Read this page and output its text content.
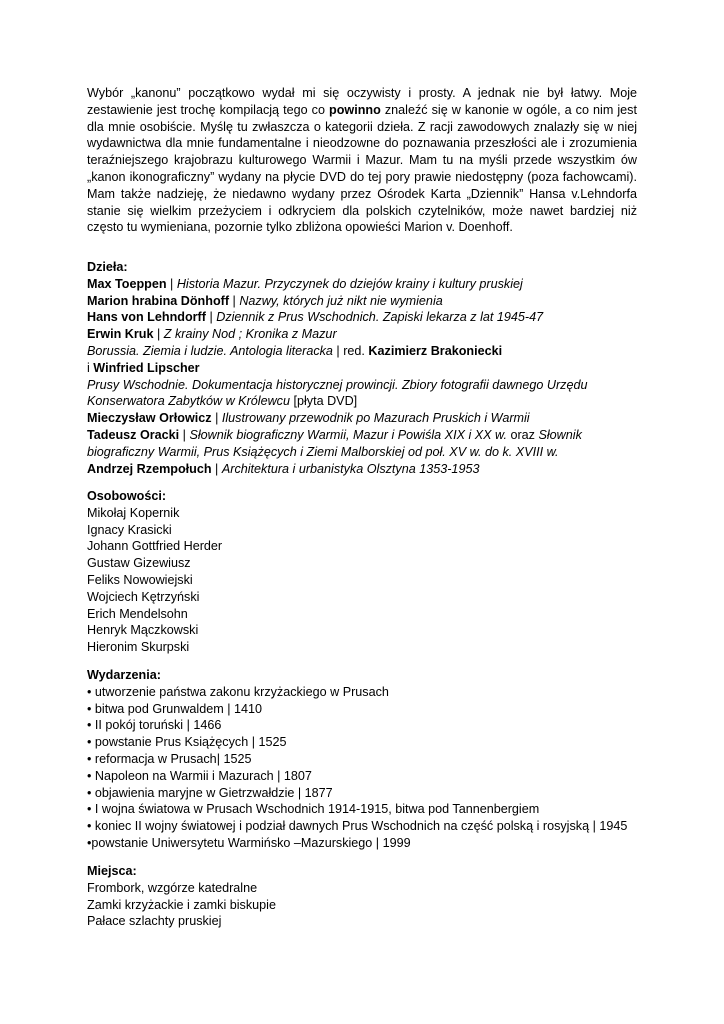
Wybór „kanonu” początkowo wydał mi się oczywisty i prosty. A jednak nie był łatwy. Moje zestawienie jest trochę kompilacją tego co powinno znaleźć się w kanonie w ogóle, a co nim jest dla mnie osobiście. Myślę tu zwłaszcza o kategorii dzieła. Z racji zawodowych znalazły się w niej wydawnictwa dla mnie fundamentalne i nieodzowne do poznawania przeszłości ale i zrozumienia teraźniejszego krajobrazu kulturowego Warmii i Mazur. Mam tu na myśli przede wszystkim ów „kanon ikonograficzny” wydany na płycie DVD do tej pory prawie niedostępny (poza fachowcami). Mam także nadzieję, że niedawno wydany przez Ośrodek Karta „Dziennik” Hansa v.Lehndorfa stanie się wielkim przeżyciem i odkryciem dla polskich czytelników, może nawet bardziej niż często tu wymieniana, pozornie tylko zbliżona opowieści Marion v. Doenhoff.

Dzieła:
Max Toeppen | Historia Mazur. Przyczynek do dziejów krainy i kultury pruskiej
Marion hrabina Dönhoff | Nazwy, których już nikt nie wymienia
Hans von Lehndorff | Dziennik z Prus Wschodnich. Zapiski lekarza z lat 1945-47
Erwin Kruk | Z krainy Nod ; Kronika z Mazur
Borussia. Ziemia i ludzie. Antologia literacka | red. Kazimierz Brakoniecki
i Winfried Lipscher
Prusy Wschodnie. Dokumentacja historycznej prowincji. Zbiory fotografii dawnego Urzędu Konserwatora Zabytków w Królewcu [płyta DVD]
Mieczysław Orłowicz | Ilustrowany przewodnik po Mazurach Pruskich i Warmii
Tadeusz Oracki | Słownik biograficzny Warmii, Mazur i Powiśla XIX i XX w. oraz Słownik biograficzny Warmii, Prus Książęcych i Ziemi Malborskiej od poł. XV w. do k. XVIII w.
Andrzej Rzempołuch | Architektura i urbanistyka Olsztyna 1353-1953
Osobowości:
Mikołaj Kopernik
Ignacy Krasicki
Johann Gottfried Herder
Gustaw Gizewiusz
Feliks Nowowiejski
Wojciech Kętrzyński
Erich Mendelsohn
Henryk Mączkowski
Hieronim Skurpski
Wydarzenia:
• utworzenie państwa zakonu krzyżackiego w Prusach
• bitwa pod Grunwaldem | 1410
• II pokój toruński | 1466
• powstanie Prus Książęcych | 1525
• reformacja w Prusach| 1525
• Napoleon na Warmii i Mazurach | 1807
• objawienia maryjne w Gietrzwałdzie | 1877
• I wojna światowa w Prusach Wschodnich 1914-1915, bitwa pod Tannenbergiem
• koniec II wojny światowej i podział dawnych Prus Wschodnich na część polską i rosyjską | 1945
•powstanie Uniwersytetu Warmińsko –Mazurskiego | 1999
Miejsca:
Frombork, wzgórze katedralne
Zamki krzyżackie i zamki biskupie
Pałace szlachty pruskiej
